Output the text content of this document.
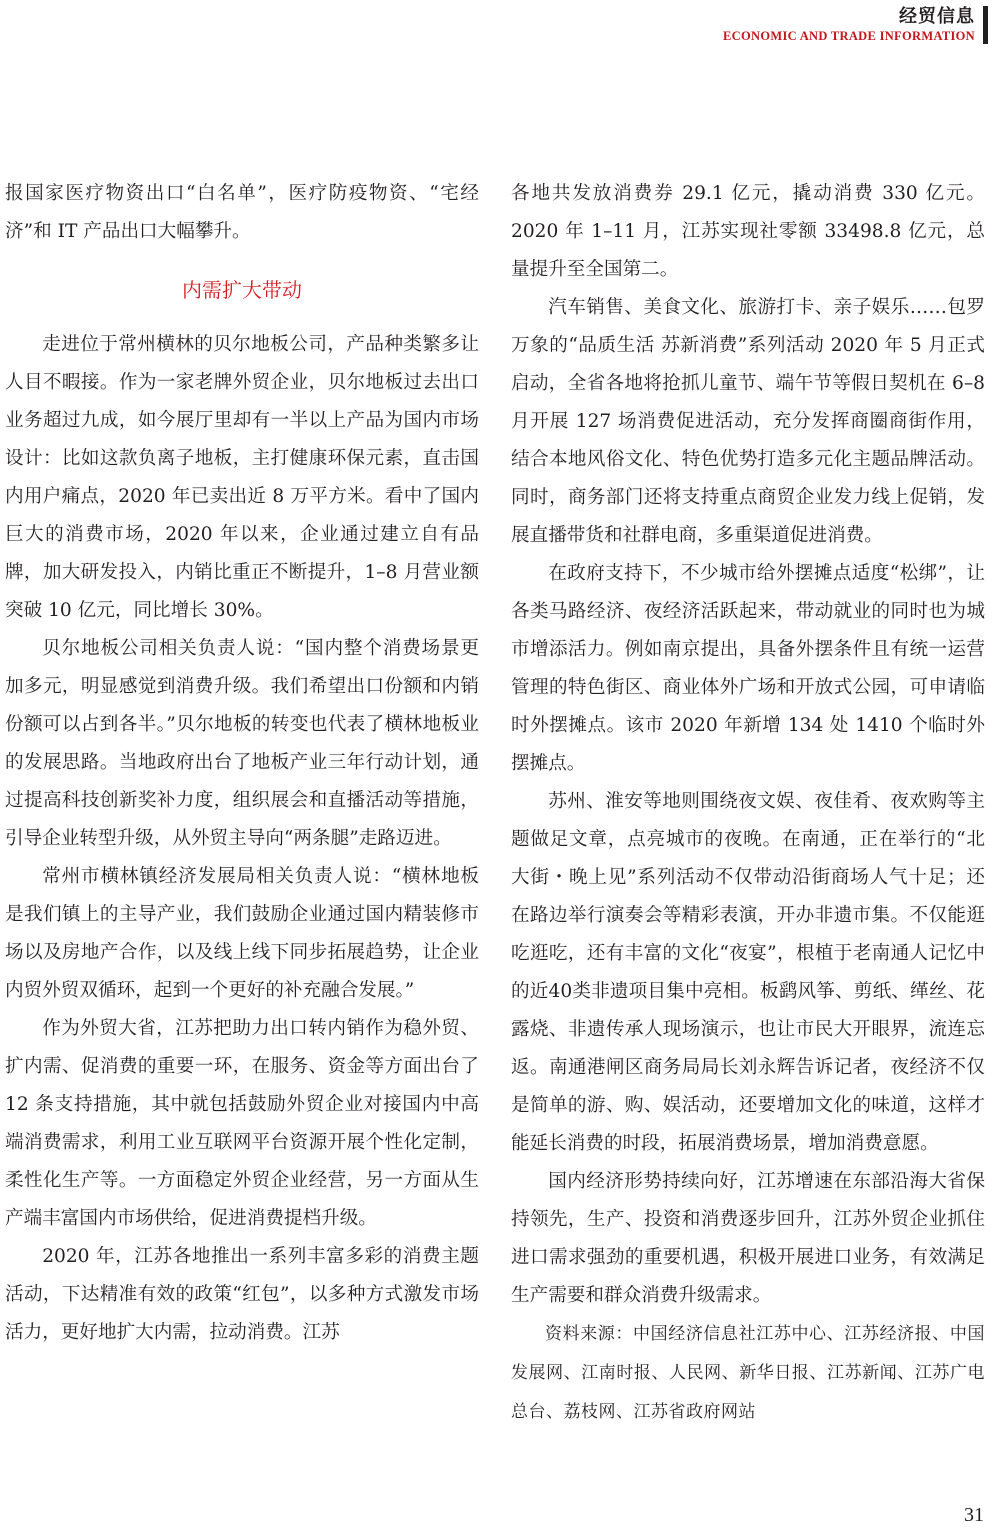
经贸信息
ECONOMIC AND TRADE INFORMATION

报国家医疗物资出口“白名单”，医疗防疫物资、“宅经济”和 IT 产品出口大幅攀升。

内需扩大带动

走进位于常州横林的贝尔地板公司，产品种类繁多让人目不暇接。作为一家老牌外贸企业，贝尔地板过去出口业务超过九成，如今展厅里却有一半以上产品为国内市场设计：比如这款负离子地板，主打健康环保元素，直击国内用户痛点，2020 年已卖出近 8 万平方米。看中了国内巨大的消费市场，2020 年以来，企业通过建立自有品牌，加大研发投入，内销比重正不断提升，1–8 月营业额突破 10 亿元，同比增长 30%。

贝尔地板公司相关负责人说：“国内整个消费场景更加多元，明显感觉到消费升级。我们希望出口份额和内销份额可以占到各半。”贝尔地板的转变也代表了横林地板业的发展思路。当地政府出台了地板产业三年行动计划，通过提高科技创新奖补力度，组织展会和直播活动等措施，引导企业转型升级，从外贸主导向“两条腿”走路迈进。

常州市横林镇经济发展局相关负责人说：“横林地板是我们镇上的主导产业，我们鼓励企业通过国内精装修市场以及房地产合作，以及线上线下同步拓展趋势，让企业内贸外贸双循环，起到一个更好的补充融合发展。”

作为外贸大省，江苏把助力出口转内销作为稳外贸、扩内需、促消费的重要一环，在服务、资金等方面出台了 12 条支持措施，其中就包括鼓励外贸企业对接国内中高端消费需求，利用工业互联网平台资源开展个性化定制，柔性化生产等。一方面稳定外贸企业经营，另一方面从生产端丰富国内市场供给，促进消费提档升级。

2020 年，江苏各地推出一系列丰富多彩的消费主题活动，下达精准有效的政策“红包”，以多种方式激发市场活力，更好地扩大内需，拉动消费。江苏

各地共发放消费券 29.1 亿元，撬动消费 330 亿元。2020 年 1–11 月，江苏实现社零额 33498.8 亿元，总量提升至全国第二。

汽车销售、美食文化、旅游打卡、亲子娱乐……包罗万象的“品质生活 苏新消费”系列活动 2020 年 5 月正式启动，全省各地将抢抓儿童节、端午节等假日契机在 6–8 月开展 127 场消费促进活动，充分发挥商圈商街作用，结合本地风俗文化、特色优势打造多元化主题品牌活动。同时，商务部门还将支持重点商贸企业发力线上促销，发展直播带货和社群电商，多重渠道促进消费。

在政府支持下，不少城市给外摆摊点适度“松绑”，让各类马路经济、夜经济活跃起来，带动就业的同时也为城市增添活力。例如南京提出，具备外摆条件且有统一运营管理的特色街区、商业体外广场和开放式公园，可申请临时外摆摊点。该市 2020 年新增 134 处 1410 个临时外摆摊点。

苏州、淮安等地则围绕夜文娱、夜佳肴、夜欢购等主题做足文章，点亮城市的夜晚。在南通，正在举行的“北大街・晚上见”系列活动不仅带动沿街商场人气十足；还在路边举行演奏会等精彩表演，开办非遗市集。不仅能逛吃逛吃，还有丰富的文化“夜宴”，根植于老南通人记忆中的近40类非遗项目集中亮相。板鹞风筝、剪纸、缂丝、花露烧、非遗传承人现场演示，也让市民大开眼界，流连忘返。南通港闸区商务局局长刘永辉告诉记者，夜经济不仅是简单的游、购、娱活动，还要增加文化的味道，这样才能延长消费的时段，拓展消费场景，增加消费意愿。

国内经济形势持续向好，江苏增速在东部沿海大省保持领先，生产、投资和消费逐步回升，江苏外贸企业抓住进口需求强劲的重要机遇，积极开展进口业务，有效满足生产需要和群众消费升级需求。

资料来源：中国经济信息社江苏中心、江苏经济报、中国发展网、江南时报、人民网、新华日报、江苏新闻、江苏广电总台、荔枝网、江苏省政府网站

31
